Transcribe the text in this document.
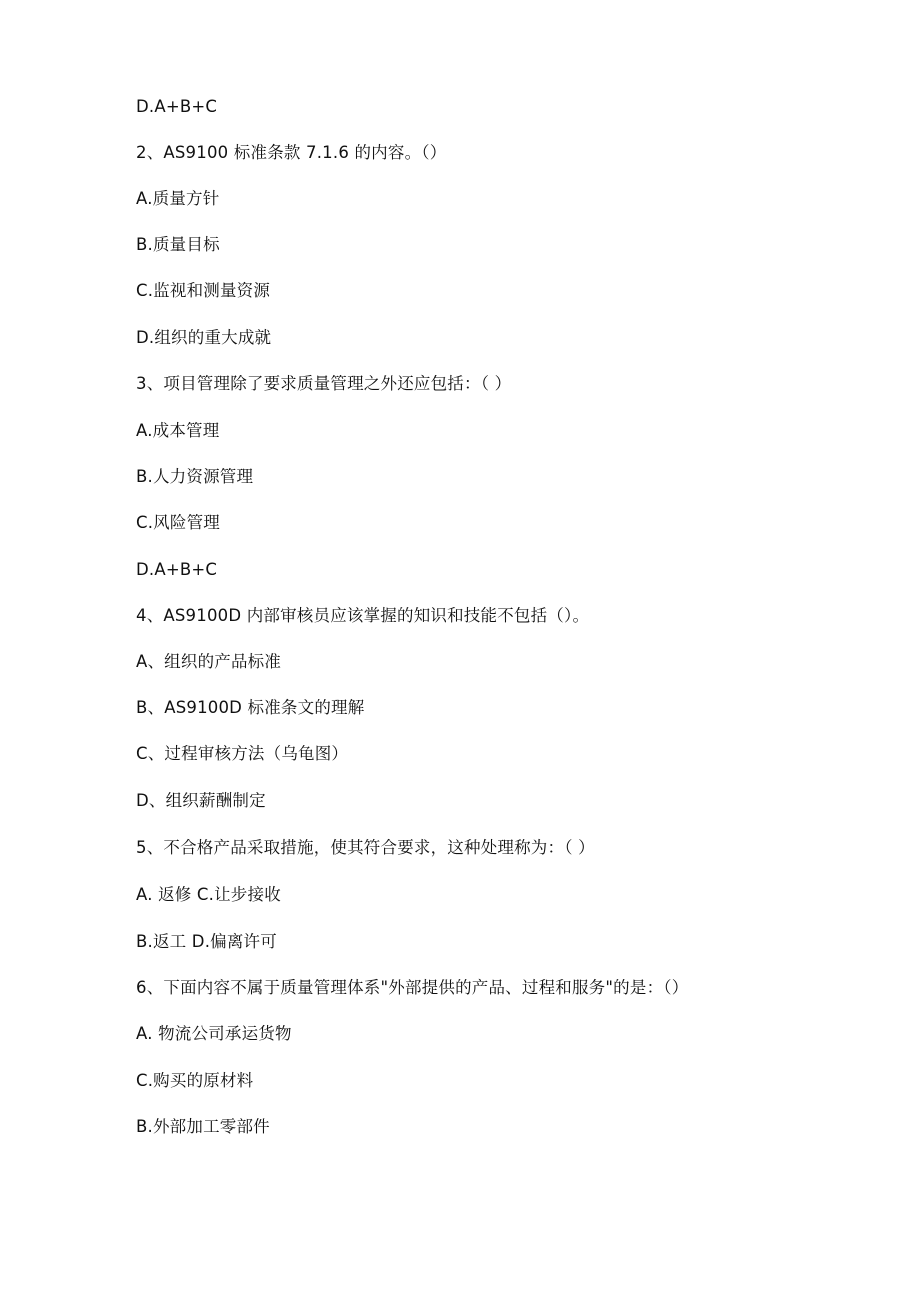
D.A+B+C
2、AS9100 标准条款 7.1.6 的内容。（）
A.质量方针
B.质量目标
C.监视和测量资源
D.组织的重大成就
3、项目管理除了要求质量管理之外还应包括：（ ）
A.成本管理
B.人力资源管理
C.风险管理
D.A+B+C
4、AS9100D 内部审核员应该掌握的知识和技能不包括（）。
A、组织的产品标准
B、AS9100D 标准条文的理解
C、过程审核方法（乌龟图）
D、组织薪酬制定
5、不合格产品采取措施，使其符合要求，这种处理称为：（ ）
A. 返修 C.让步接收
B.返工 D.偏离许可
6、下面内容不属于质量管理体系"外部提供的产品、过程和服务"的是：（）
A. 物流公司承运货物
C.购买的原材料
B.外部加工零部件
